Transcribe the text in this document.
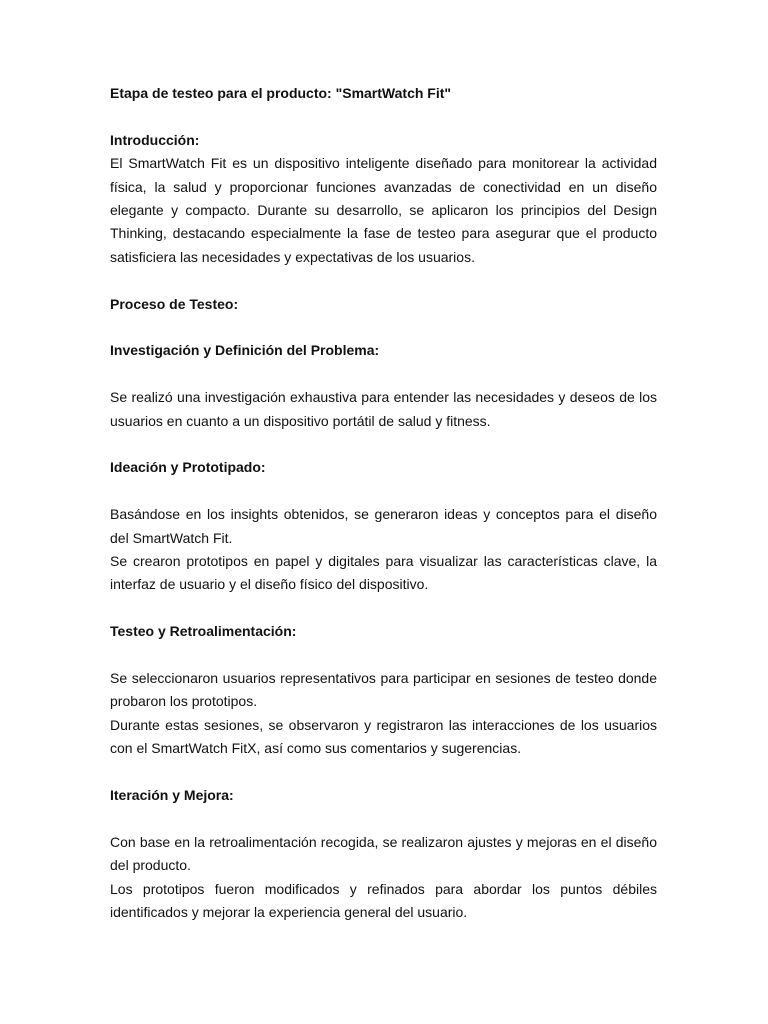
Etapa de testeo para el producto: "SmartWatch Fit"

Introducción:

El SmartWatch Fit es un dispositivo inteligente diseñado para monitorear la actividad física, la salud y proporcionar funciones avanzadas de conectividad en un diseño elegante y compacto. Durante su desarrollo, se aplicaron los principios del Design Thinking, destacando especialmente la fase de testeo para asegurar que el producto satisficiera las necesidades y expectativas de los usuarios.

Proceso de Testeo:

Investigación y Definición del Problema:

Se realizó una investigación exhaustiva para entender las necesidades y deseos de los usuarios en cuanto a un dispositivo portátil de salud y fitness.

Ideación y Prototipado:

Basándose en los insights obtenidos, se generaron ideas y conceptos para el diseño del SmartWatch Fit.

Se crearon prototipos en papel y digitales para visualizar las características clave, la interfaz de usuario y el diseño físico del dispositivo.

Testeo y Retroalimentación:

Se seleccionaron usuarios representativos para participar en sesiones de testeo donde probaron los prototipos.

Durante estas sesiones, se observaron y registraron las interacciones de los usuarios con el SmartWatch FitX, así como sus comentarios y sugerencias.

Iteración y Mejora:

Con base en la retroalimentación recogida, se realizaron ajustes y mejoras en el diseño del producto.

Los prototipos fueron modificados y refinados para abordar los puntos débiles identificados y mejorar la experiencia general del usuario.
